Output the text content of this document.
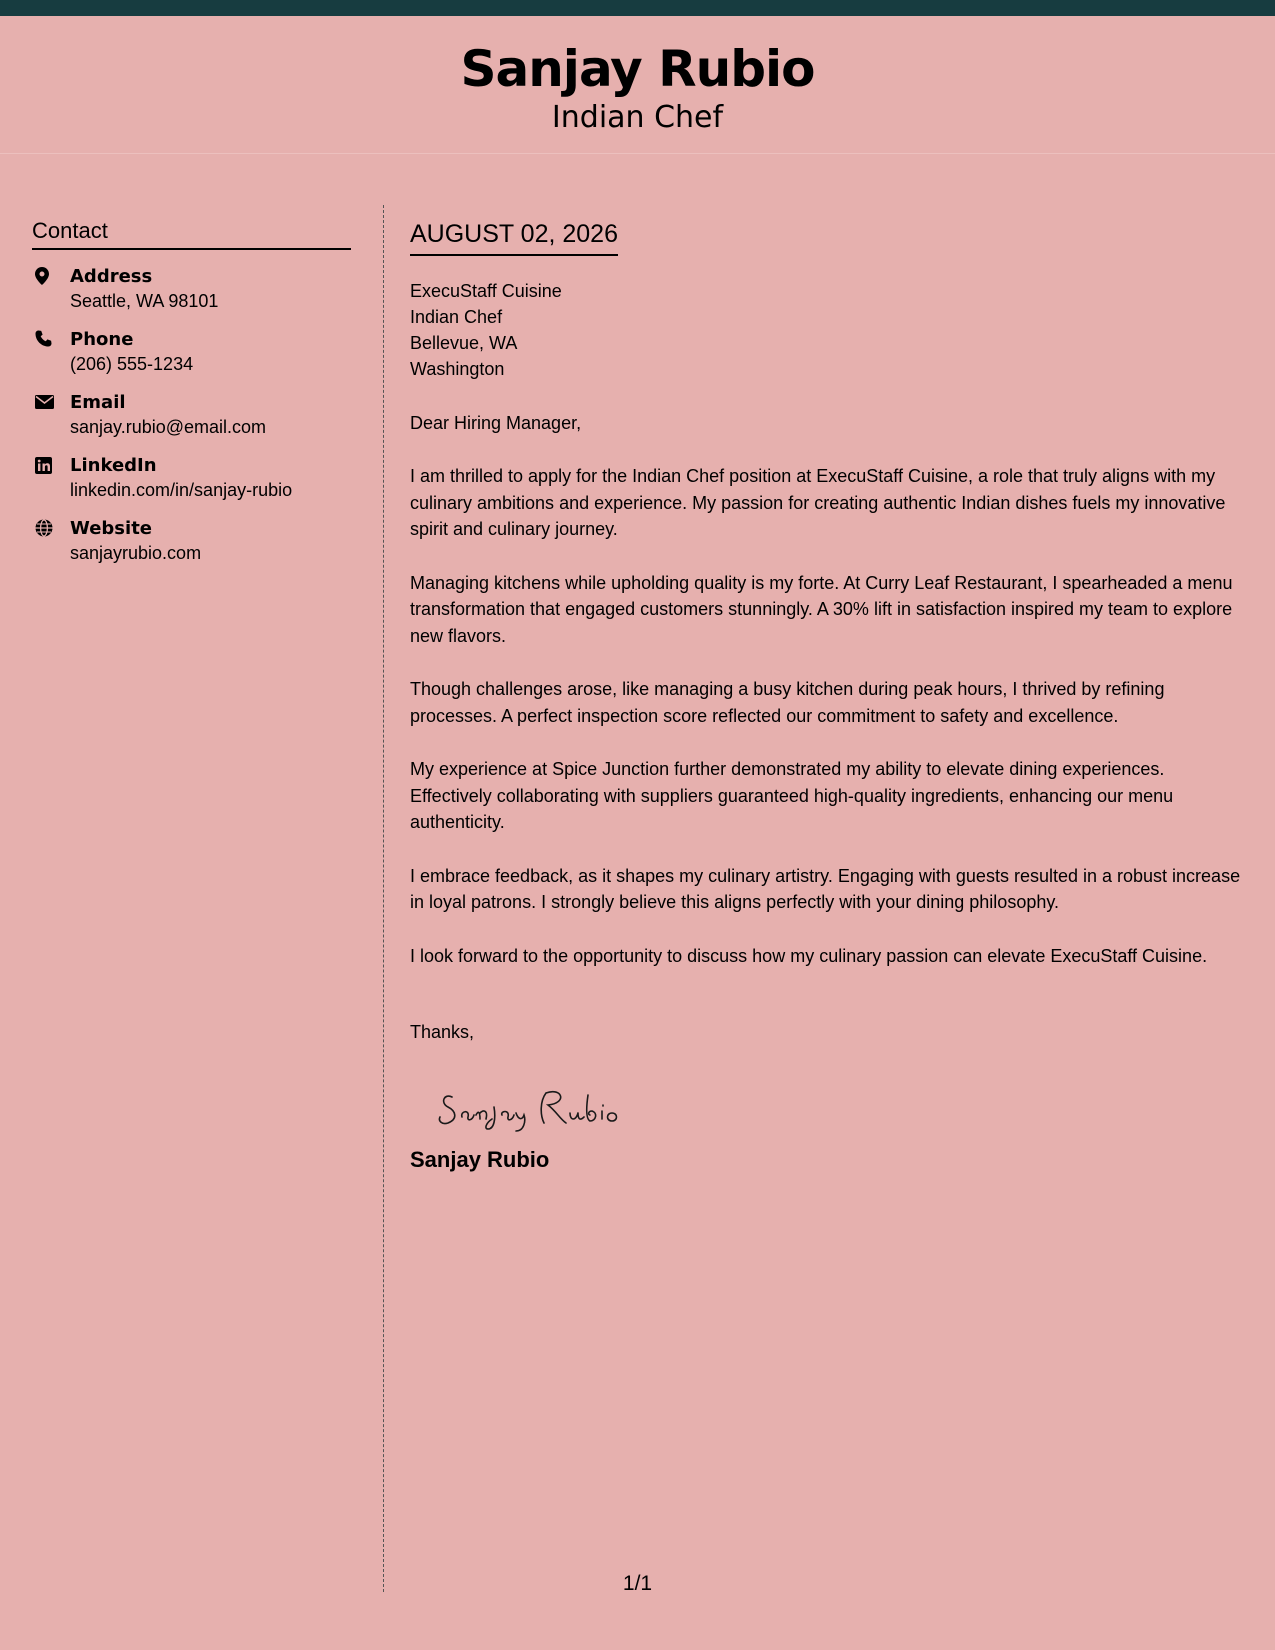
Sanjay Rubio
Indian Chef
Contact
Address
Seattle, WA 98101
Phone
(206) 555-1234
Email
sanjay.rubio@email.com
LinkedIn
linkedin.com/in/sanjay-rubio
Website
sanjayrubio.com
AUGUST 02, 2026
ExecuStaff Cuisine
Indian Chef
Bellevue, WA
Washington
Dear Hiring Manager,

I am thrilled to apply for the Indian Chef position at ExecuStaff Cuisine, a role that truly aligns with my culinary ambitions and experience. My passion for creating authentic Indian dishes fuels my innovative spirit and culinary journey.

Managing kitchens while upholding quality is my forte. At Curry Leaf Restaurant, I spearheaded a menu transformation that engaged customers stunningly. A 30% lift in satisfaction inspired my team to explore new flavors.

Though challenges arose, like managing a busy kitchen during peak hours, I thrived by refining processes. A perfect inspection score reflected our commitment to safety and excellence.

My experience at Spice Junction further demonstrated my ability to elevate dining experiences. Effectively collaborating with suppliers guaranteed high-quality ingredients, enhancing our menu authenticity.

I embrace feedback, as it shapes my culinary artistry. Engaging with guests resulted in a robust increase in loyal patrons. I strongly believe this aligns perfectly with your dining philosophy.

I look forward to the opportunity to discuss how my culinary passion can elevate ExecuStaff Cuisine.

Thanks,
Sanjay Rubio
1/1
